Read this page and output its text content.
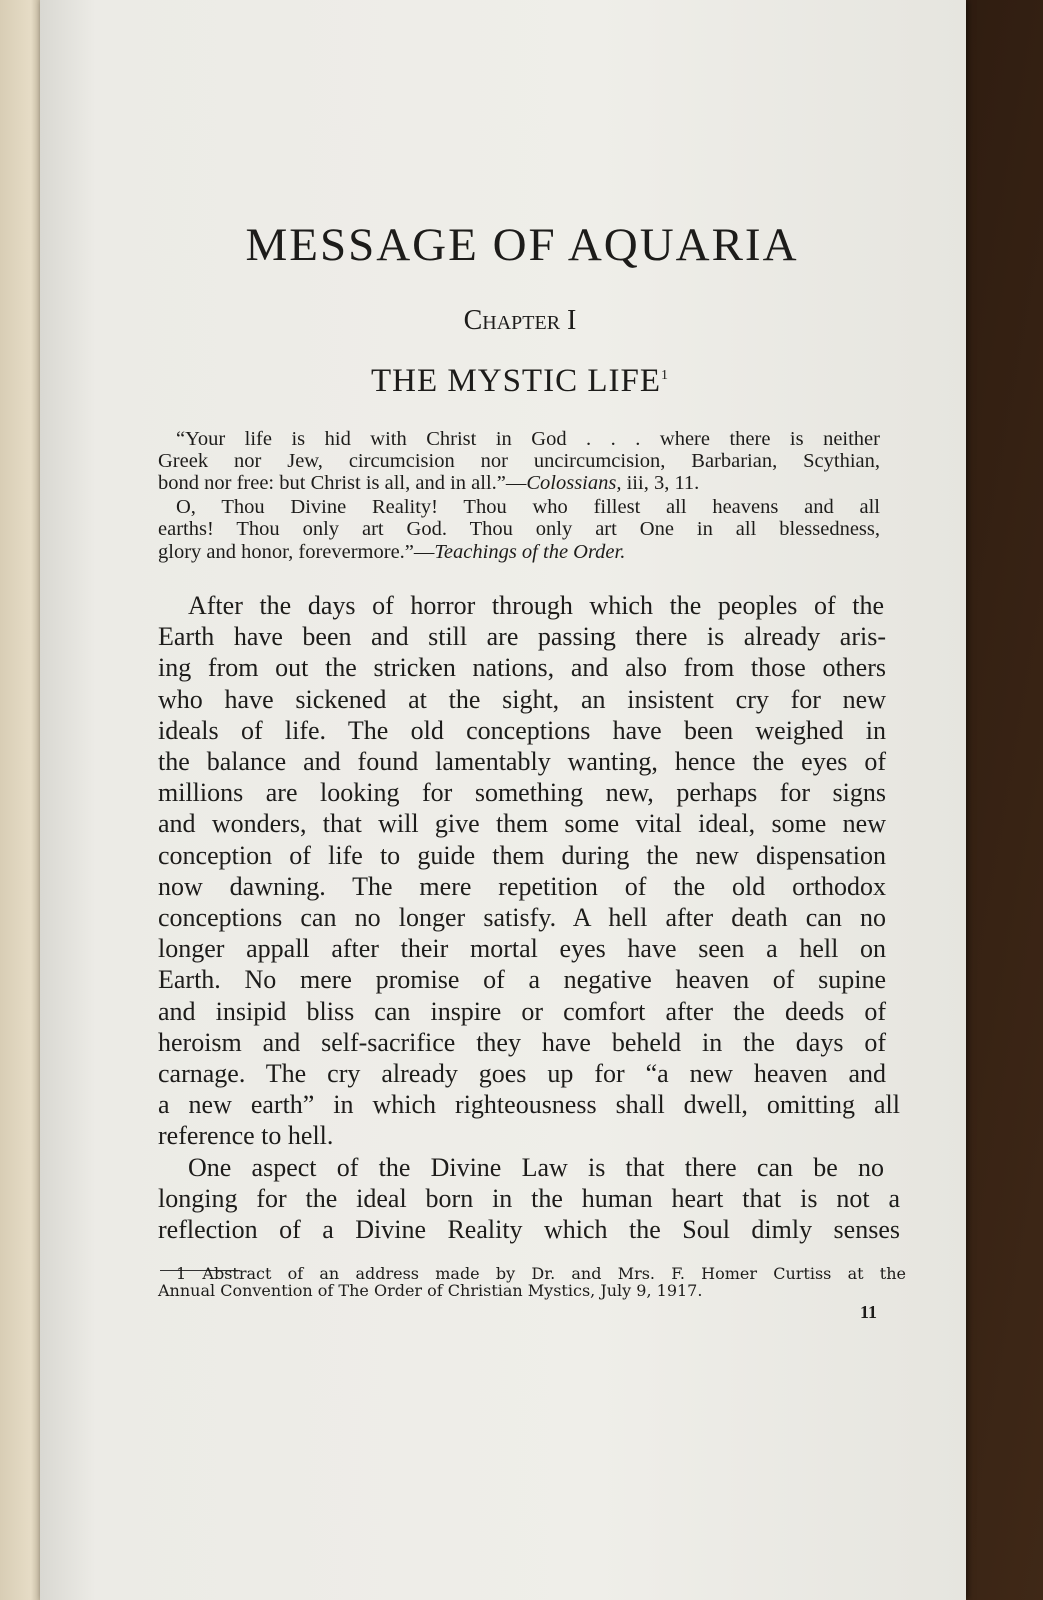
MESSAGE OF AQUARIA
Chapter I
THE MYSTIC LIFE$^1$
“Your life is hid with Christ in God . . . where there is neither
Greek nor Jew, circumcision nor uncircumcision, Barbarian, Scythian,
bond nor free: but Christ is all, and in all.”—Colossians, iii, 3, 11.
O, Thou Divine Reality! Thou who fillest all heavens and all
earths! Thou only art God. Thou only art One in all blessedness,
glory and honor, forevermore.”—Teachings of the Order.
After the days of horror through which the peoples of the
Earth have been and still are passing there is already aris-
ing from out the stricken nations, and also from those others
who have sickened at the sight, an insistent cry for new
ideals of life. The old conceptions have been weighed in
the balance and found lamentably wanting, hence the eyes of
millions are looking for something new, perhaps for signs
and wonders, that will give them some vital ideal, some new
conception of life to guide them during the new dispensation
now dawning. The mere repetition of the old orthodox
conceptions can no longer satisfy. A hell after death can no
longer appall after their mortal eyes have seen a hell on
Earth. No mere promise of a negative heaven of supine
and insipid bliss can inspire or comfort after the deeds of
heroism and self-sacrifice they have beheld in the days of
carnage. The cry already goes up for “a new heaven and
a new earth” in which righteousness shall dwell, omitting all
reference to hell.
One aspect of the Divine Law is that there can be no
longing for the ideal born in the human heart that is not a
reflection of a Divine Reality which the Soul dimly senses
1 Abstract of an address made by Dr. and Mrs. F. Homer Curtiss at the
Annual Convention of The Order of Christian Mystics, July 9, 1917.
11
